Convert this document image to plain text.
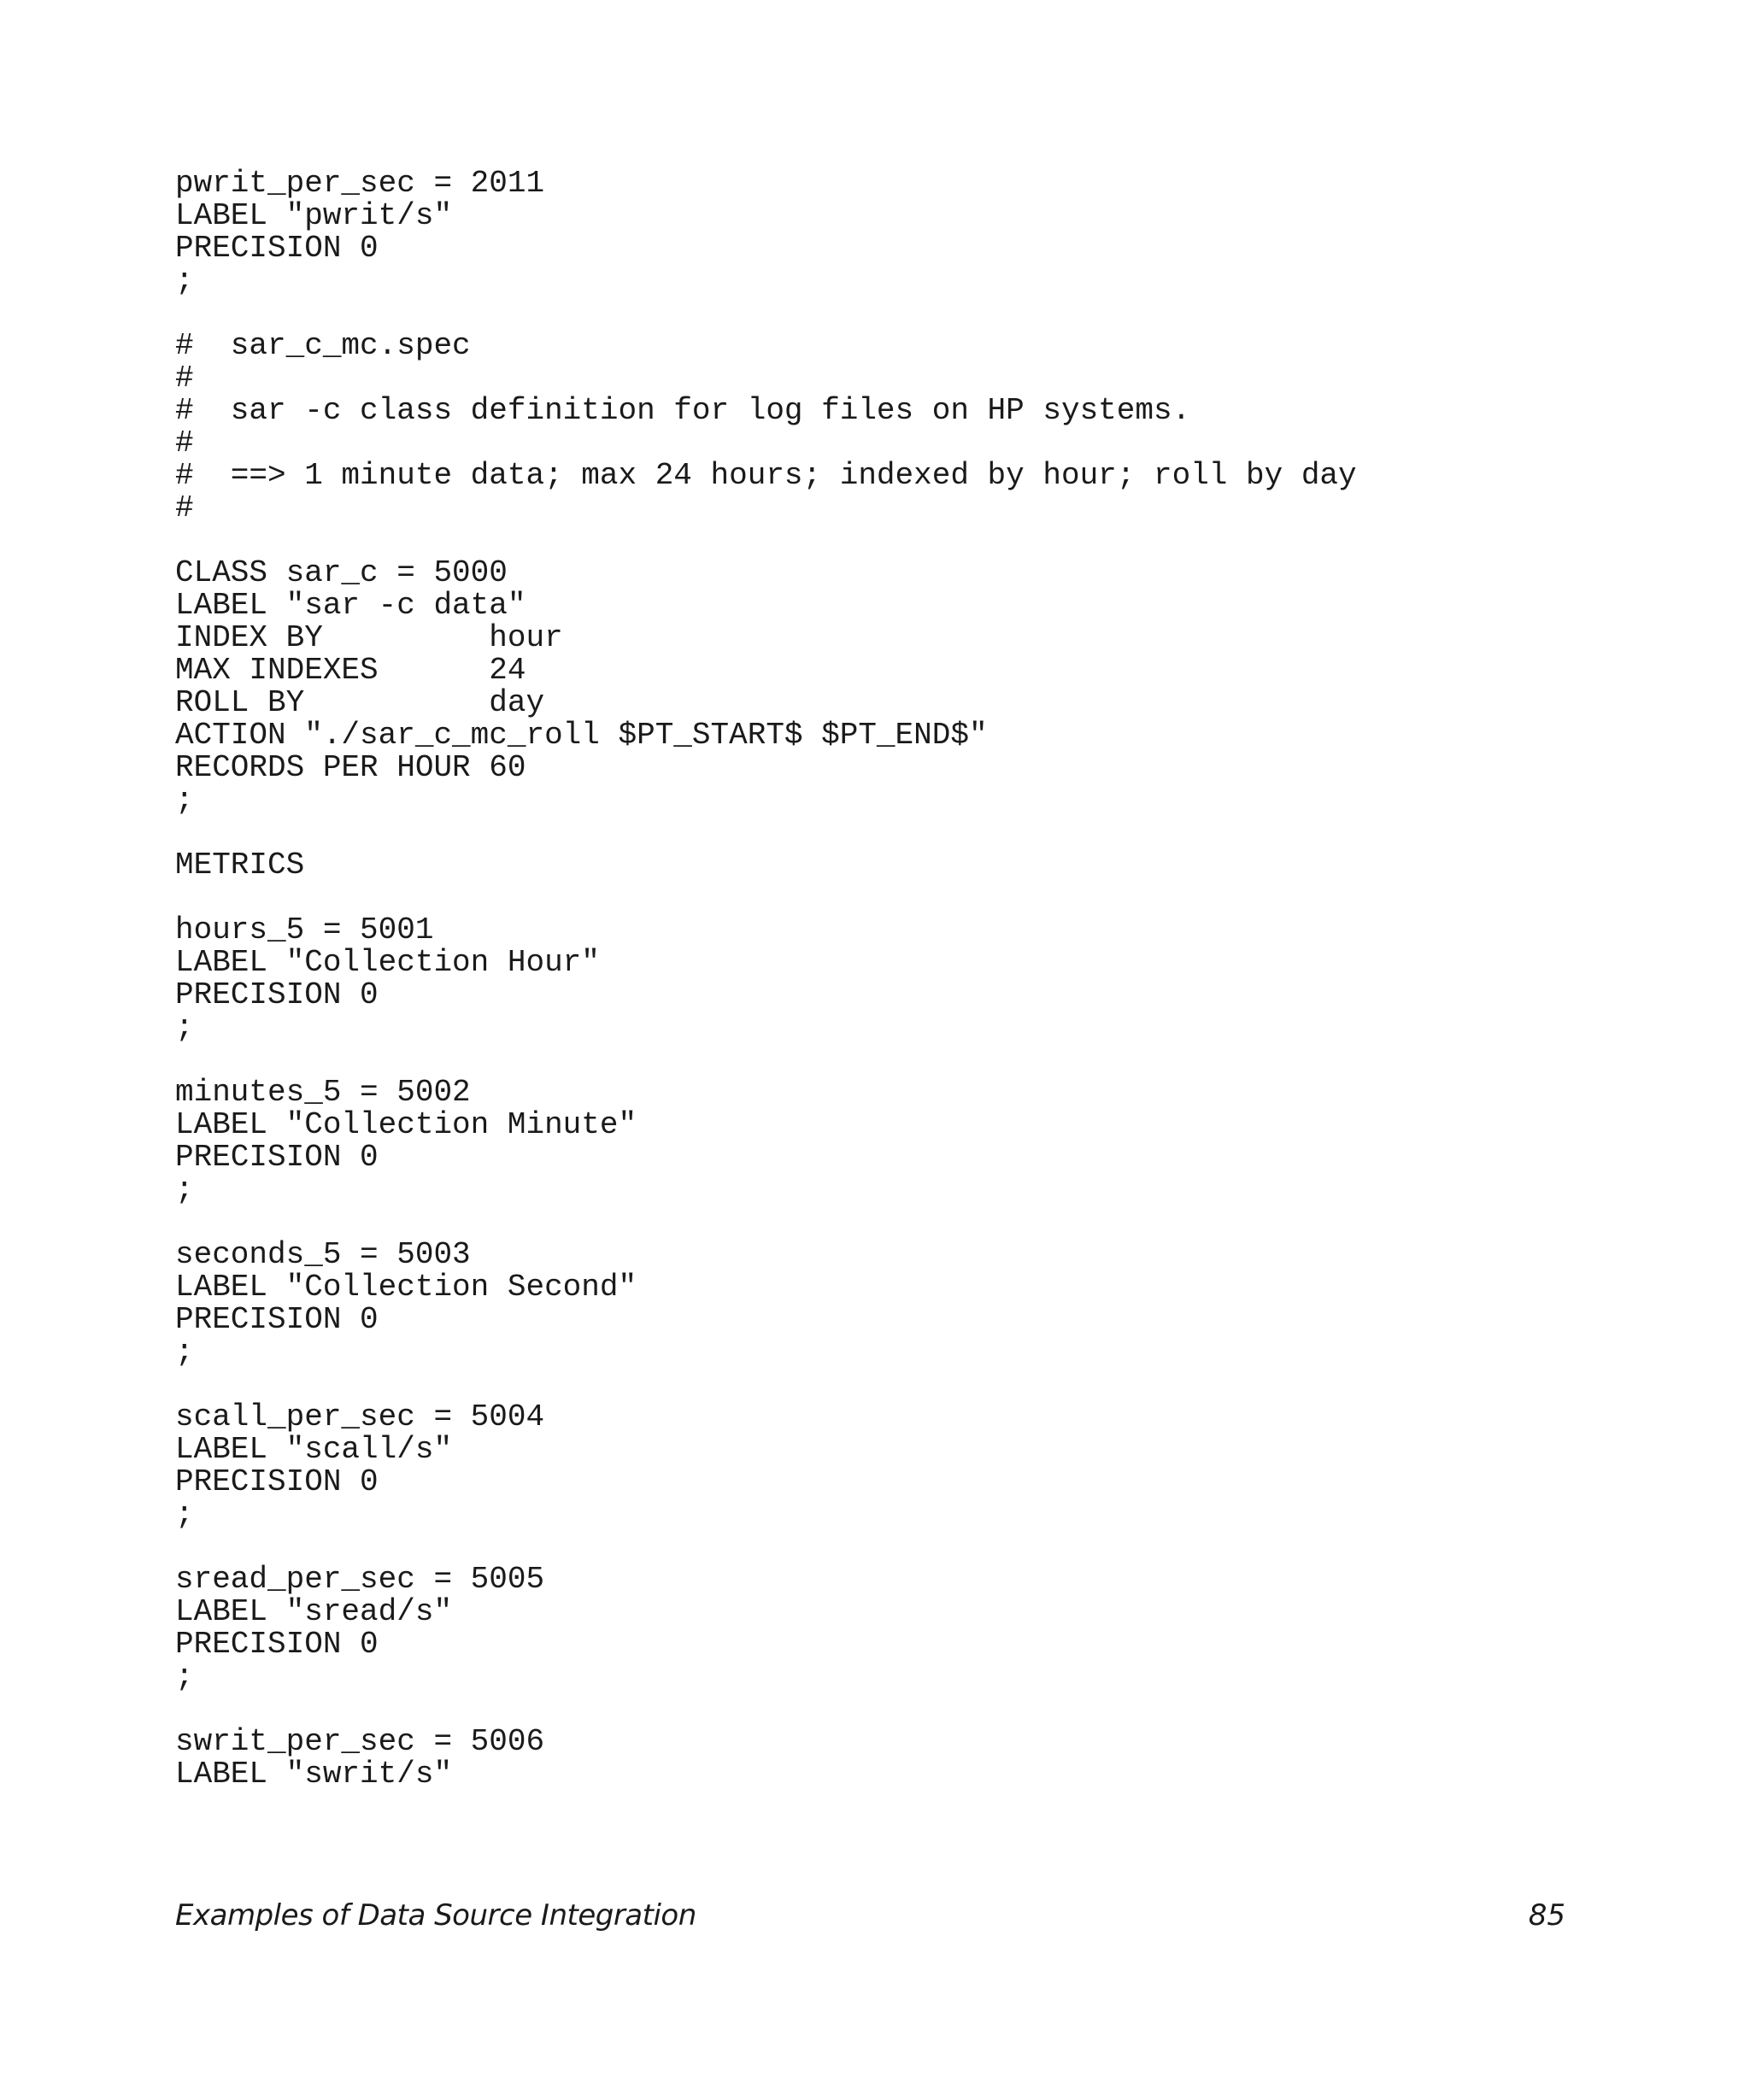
pwrit_per_sec = 2011
LABEL "pwrit/s"
PRECISION 0
;
#  sar_c_mc.spec
#
#  sar -c class definition for log files on HP systems.
#
#  ==> 1 minute data; max 24 hours; indexed by hour; roll by day
#
CLASS sar_c = 5000
LABEL "sar -c data"
INDEX BY         hour
MAX INDEXES      24
ROLL BY          day
ACTION "./sar_c_mc_roll $PT_START$ $PT_END$"
RECORDS PER HOUR 60
;
METRICS
hours_5 = 5001
LABEL "Collection Hour"
PRECISION 0
;
minutes_5 = 5002
LABEL "Collection Minute"
PRECISION 0
;
seconds_5 = 5003
LABEL "Collection Second"
PRECISION 0
;
scall_per_sec = 5004
LABEL "scall/s"
PRECISION 0
;
sread_per_sec = 5005
LABEL "sread/s"
PRECISION 0
;
swrit_per_sec = 5006
LABEL "swrit/s"
Examples of Data Source Integration	85
